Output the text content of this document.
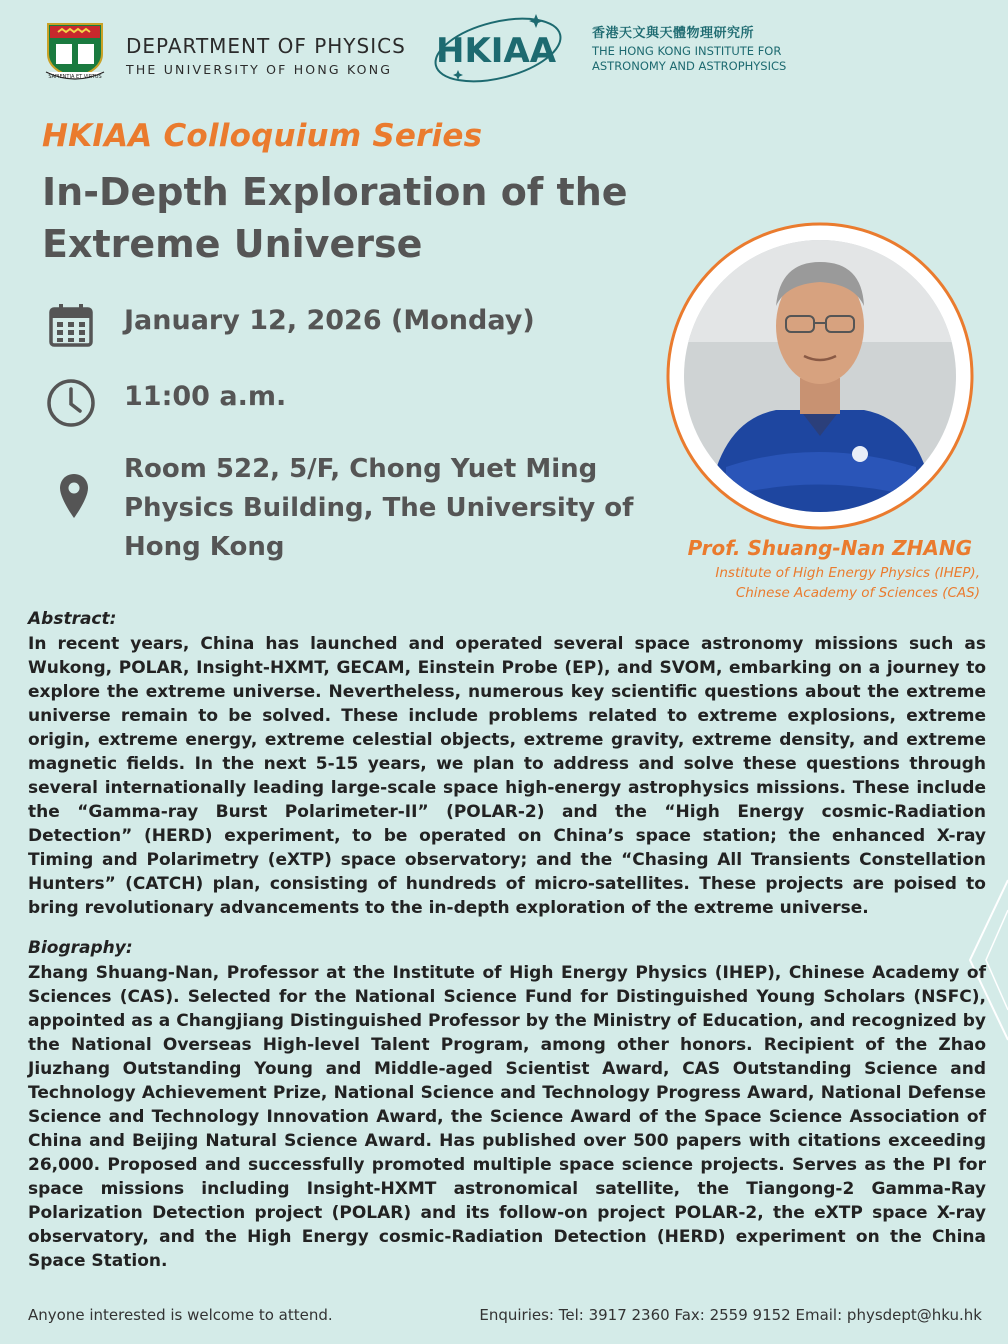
SAPIENTIA ET VIRTUS
DEPARTMENT OF PHYSICS
THE UNIVERSITY OF HONG KONG HKIAA	香港天文與天體物理研究所
THE HONG KONG INSTITUTE FOR
ASTRONOMY AND ASTROPHYSICS
HKIAA Colloquium Series
In-Depth Exploration of the Extreme Universe
January 12, 2026 (Monday)
11:00 a.m.
Room 522, 5/F, Chong Yuet Ming Physics Building, The University of Hong Kong	Prof. Shuang-Nan ZHANG
Institute of High Energy Physics (IHEP),
Chinese Academy of Sciences (CAS)
Abstract:
In recent years, China has launched and operated several space astronomy missions such as Wukong, POLAR, Insight-HXMT, GECAM, Einstein Probe (EP), and SVOM, embarking on a journey to explore the extreme universe. Nevertheless, numerous key scientific questions about the extreme universe remain to be solved. These include problems related to extreme explosions, extreme origin, extreme energy, extreme celestial objects, extreme gravity, extreme density, and extreme magnetic fields. In the next 5-15 years, we plan to address and solve these questions through several internationally leading large-scale space high-energy astrophysics missions. These include the “Gamma-ray Burst Polarimeter-II” (POLAR-2) and the “High Energy cosmic-Radiation Detection” (HERD) experiment, to be operated on China’s space station; the enhanced X-ray Timing and Polarimetry (eXTP) space observatory; and the “Chasing All Transients Constellation Hunters” (CATCH) plan, consisting of hundreds of micro-satellites. These projects are poised to bring revolutionary advancements to the in-depth exploration of the extreme universe.
Biography:
Zhang Shuang-Nan, Professor at the Institute of High Energy Physics (IHEP), Chinese Academy of Sciences (CAS). Selected for the National Science Fund for Distinguished Young Scholars (NSFC), appointed as a Changjiang Distinguished Professor by the Ministry of Education, and recognized by the National Overseas High-level Talent Program, among other honors. Recipient of the Zhao Jiuzhang Outstanding Young and Middle-aged Scientist Award, CAS Outstanding Science and Technology Achievement Prize, National Science and Technology Progress Award, National Defense Science and Technology Innovation Award, the Science Award of the Space Science Association of China and Beijing Natural Science Award. Has published over 500 papers with citations exceeding 26,000. Proposed and successfully promoted multiple space science projects. Serves as the PI for space missions including Insight-HXMT astronomical satellite, the Tiangong-2 Gamma-Ray Polarization Detection project (POLAR) and its follow-on project POLAR-2, the eXTP space X-ray observatory, and the High Energy cosmic-Radiation Detection (HERD) experiment on the China Space Station.
Anyone interested is welcome to attend.	Enquiries: Tel: 3917 2360 Fax: 2559 9152 Email: physdept@hku.hk
